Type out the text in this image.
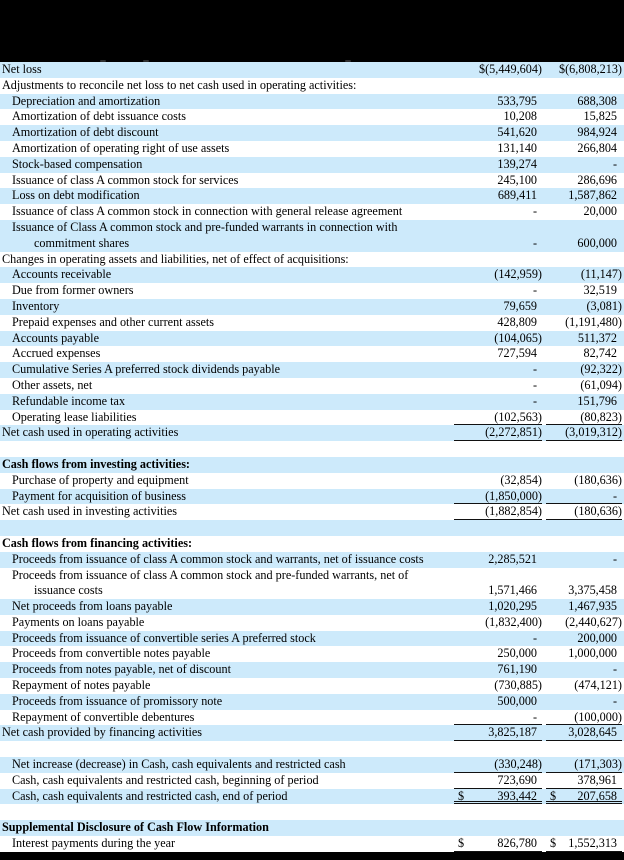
Net loss	$(5,449,604)	$(6,808,213)
Adjustments to reconcile net loss to net cash used in operating activities:
Depreciation and amortization	533,795	688,308
Amortization of debt issuance costs	10,208	15,825
Amortization of debt discount	541,620	984,924
Amortization of operating right of use assets	131,140	266,804
Stock-based compensation	139,274	-
Issuance of class A common stock for services	245,100	286,696
Loss on debt modification	689,411	1,587,862
Issuance of class A common stock in connection with general release agreement	-	20,000
Issuance of Class A common stock and pre-funded warrants in connection with
commitment shares	-	600,000
Changes in operating assets and liabilities, net of effect of acquisitions:
Accounts receivable	(142,959)	(11,147)
Due from former owners	-	32,519
Inventory	79,659	(3,081)
Prepaid expenses and other current assets	428,809	(1,191,480)
Accounts payable	(104,065)	511,372
Accrued expenses	727,594	82,742
Cumulative Series A preferred stock dividends payable	-	(92,322)
Other assets, net	-	(61,094)
Refundable income tax	-	151,796
Operating lease liabilities	(102,563)	(80,823)
Net cash used in operating activities	(2,272,851)	(3,019,312)
Cash flows from investing activities:
Purchase of property and equipment	(32,854)	(180,636)
Payment for acquisition of business	(1,850,000)	-
Net cash used in investing activities	(1,882,854)	(180,636)
Cash flows from financing activities:
Proceeds from issuance of class A common stock and warrants, net of issuance costs	2,285,521	-
Proceeds from issuance of class A common stock and pre-funded warrants, net of
issuance costs	1,571,466	3,375,458
Net proceeds from loans payable	1,020,295	1,467,935
Payments on loans payable	(1,832,400)	(2,440,627)
Proceeds from issuance of convertible series A preferred stock	-	200,000
Proceeds from convertible notes payable	250,000	1,000,000
Proceeds from notes payable, net of discount	761,190	-
Repayment of notes payable	(730,885)	(474,121)
Proceeds from issuance of promissory note	500,000	-
Repayment of convertible debentures	-	(100,000)
Net cash provided by financing activities	3,825,187	3,028,645
Net increase (decrease) in Cash, cash equivalents and restricted cash	(330,248)	(171,303)
Cash, cash equivalents and restricted cash, beginning of period	723,690	378,961
Cash, cash equivalents and restricted cash, end of period	$	393,442	$ 207,658
Supplemental Disclosure of Cash Flow Information
Interest payments during the year	$	826,780	$ 1,552,313
